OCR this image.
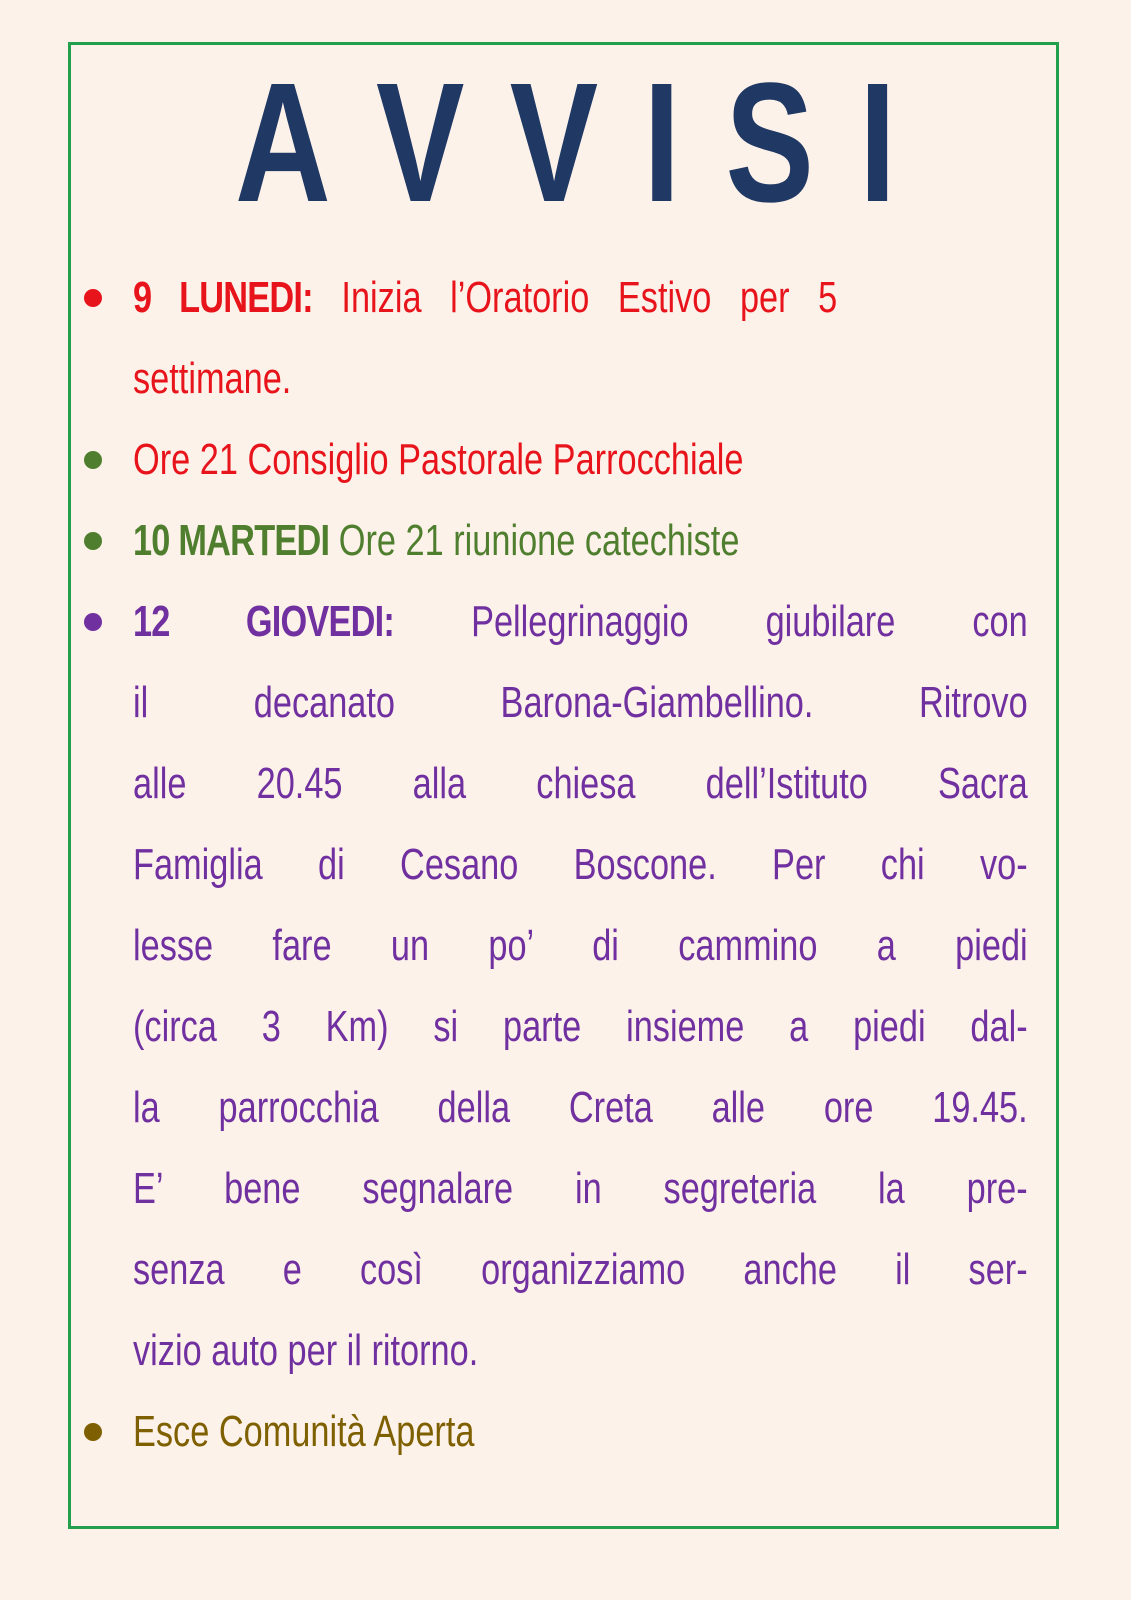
A V V I S I
9 LUNEDI: Inizia l’Oratorio Estivo per 5
settimane.
Ore 21 Consiglio Pastorale Parrocchiale
10 MARTEDI Ore 21 riunione catechiste
12 GIOVEDI: Pellegrinaggio giubilare con
il decanato Barona-Giambellino. Ritrovo
alle 20.45 alla chiesa dell’Istituto Sacra
Famiglia di Cesano Boscone. Per chi vo-
lesse fare un po’ di cammino a piedi
(circa 3 Km) si parte insieme a piedi dal-
la parrocchia della Creta alle ore 19.45.
E’ bene segnalare in segreteria la pre-
senza e così organizziamo anche il ser-
vizio auto per il ritorno.
Esce Comunità Aperta
